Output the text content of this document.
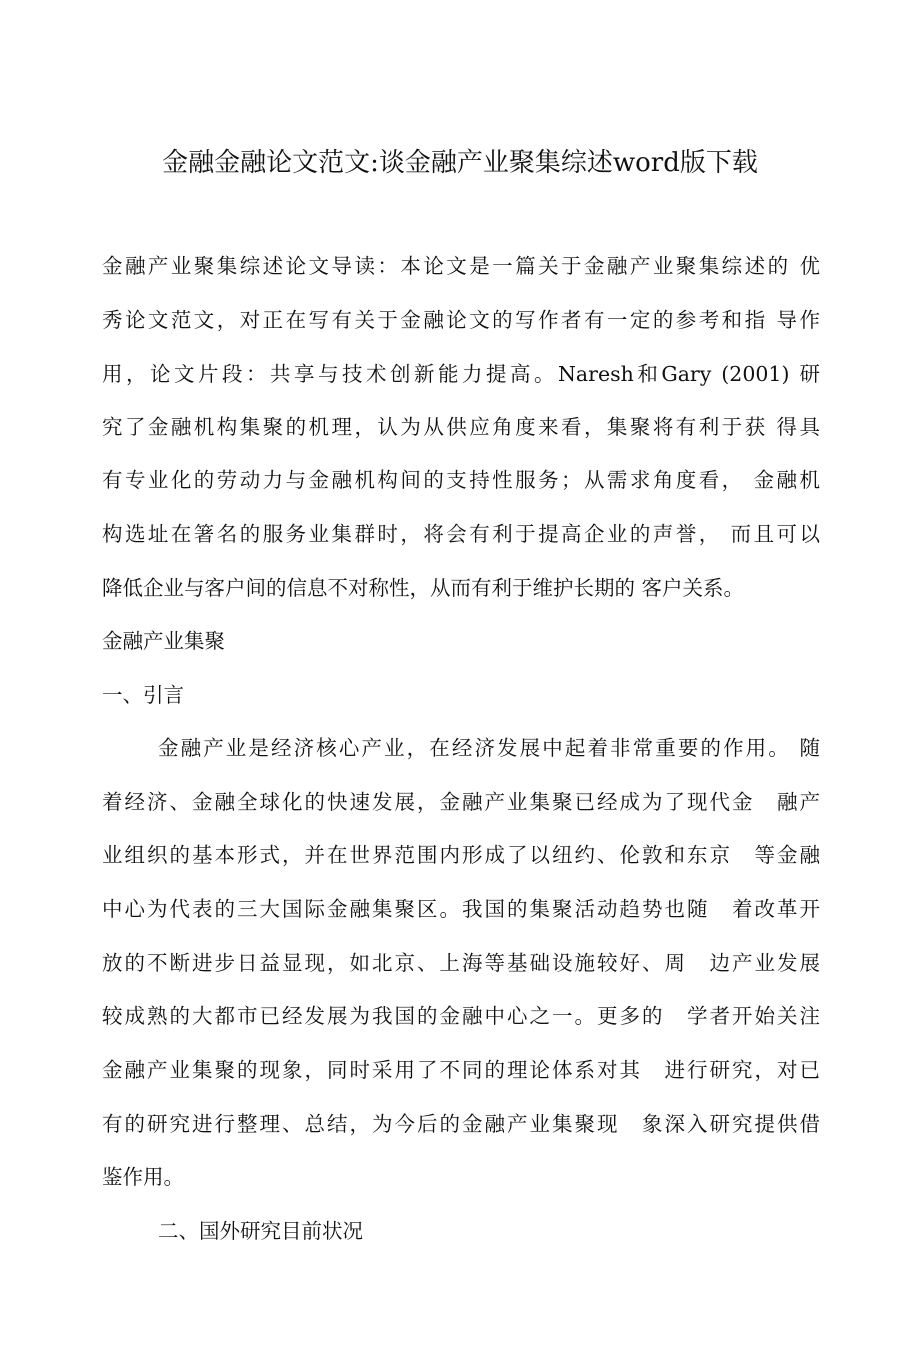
金融金融论文范文:谈金融产业聚集综述word版下载
金融产业聚集综述论文导读：本论文是一篇关于金融产业聚集综述的 优
秀论文范文，对正在写有关于金融论文的写作者有一定的参考和指 导作
用，论文片段：共享与技术创新能力提高。Naresh和Gary (2001) 研
究了金融机构集聚的机理，认为从供应角度来看，集聚将有利于获 得具
有专业化的劳动力与金融机构间的支持性服务；从需求角度看， 金融机
构选址在箸名的服务业集群时，将会有利于提高企业的声誉， 而且可以
降低企业与客户间的信息不对称性，从而有利于维护长期的 客户关系。
金融产业集聚
一、引言
金融产业是经济核心产业，在经济发展中起着非常重要的作用。 随
着经济、金融全球化的快速发展，金融产业集聚已经成为了现代金　融产
业组织的基本形式，并在世界范围内形成了以纽约、伦敦和东京　等金融
中心为代表的三大国际金融集聚区。我国的集聚活动趋势也随　着改革开
放的不断进步日益显现，如北京、上海等基础设施较好、周　边产业发展
较成熟的大都市已经发展为我国的金融中心之一。更多的　学者开始关注
金融产业集聚的现象，同时采用了不同的理论体系对其　进行研究，对已
有的研究进行整理、总结，为今后的金融产业集聚现　象深入研究提供借
鉴作用。
二、国外研究目前状况
